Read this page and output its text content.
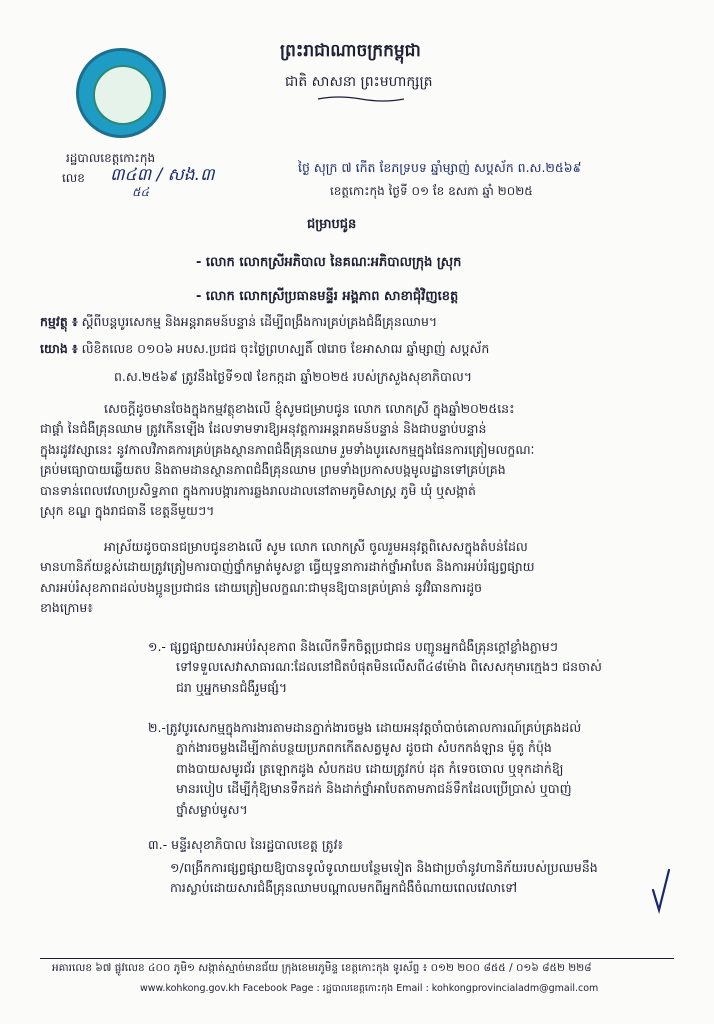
ព្រះរាជាណាចក្រកម្ពុជា
ជាតិ សាសនា ព្រះមហាក្សត្រ
រដ្ឋបាលខេត្តកោះកុង
លេខ ៣៤៣ / សង.៣
៥៤
ថ្ងៃ សុក្រ ៧ កើត ខែភទ្របទ ឆ្នាំម្សាញ់ សប្តស័ក ព.ស.២៥៦៩
ខេត្តកោះកុង ថ្ងៃទី ០១ ខែ ឧសភា ឆ្នាំ ២០២៥
ជម្រាបជូន
- លោក លោកស្រីអភិបាល នៃគណៈអភិបាលក្រុង ស្រុក
- លោក លោកស្រីប្រធានមន្ទីរ អង្គភាព សាខាជុំវិញខេត្ត
កម្មវត្ថុ ៖ ស្តីពីបន្តបូរសេកម្ម និងអន្តរាគមន៍បន្ទាន់ ដើម្បីពង្រឹងការគ្រប់គ្រងជំងឺគ្រុនឈាម។
យោង ៖ លិខិតលេខ ០១០៦ អបស.ប្រជជ ចុះថ្ងៃព្រហស្បតិ៍ ៧រោច ខែអាសាឍ ឆ្នាំម្សាញ់ សប្តស័ក
ព.ស.២៥៦៩ ត្រូវនឹងថ្ងៃទី១៧ ខែកក្កដា ឆ្នាំ២០២៥ របស់ក្រសួងសុខាភិបាល។
សេចក្តីដូចមានចែងក្នុងកម្មវត្ថុខាងលើ ខ្ញុំសូមជម្រាបជូន លោក លោកស្រី ក្នុងឆ្នាំ២០២៥នេះ
ជាផ្តាំ នៃជំងឺគ្រុនឈាម ត្រូវកើនឡើង ដែលទាមទារឱ្យអនុវត្តការអន្តរាគមន៍បន្ទាន់ និងជាបន្ទាប់បន្ទាន់
ក្នុងរដូវវស្សានេះ នូវកាលវិភាគការគ្រប់គ្រងស្ថានភាពជំងឺគ្រុនឈាម រួមទាំងបូរសេកម្មក្នុងផែនការត្រៀមលក្ខណៈ
គ្រប់មធ្យោបាយឆ្លើយតប និងតាមដានស្ថានភាពជំងឺគ្រុនឈាម ព្រមទាំងប្រកាសបង្កមូលដ្ឋានទៅគ្រប់គ្រង
បានទាន់ពេលវេលាប្រសិទ្ធភាព ក្នុងការបង្ការការឆ្លងរាលដាលនៅតាមភូមិសាស្ត្រ ភូមិ ឃុំ ឬសង្កាត់
ស្រុក ខណ្ឌ ក្នុងរាជធានី ខេត្តនីមួយៗ។
អាស្រ័យដូចបានជម្រាបជូនខាងលើ សូម លោក លោកស្រី ចូលរួមអនុវត្តពិសេសក្នុងតំបន់ដែល
មានហានិភ័យខ្ពស់ដោយត្រូវត្រៀមការបាញ់ថ្នាំកម្ចាត់មូសខ្លា ធ្វើយុទ្ធនាការដាក់ថ្នាំអាបែត និងការអប់រំផ្សព្វផ្សាយ
សារអប់រំសុខភាពដល់បងប្អូនប្រជាជន ដោយត្រៀមលក្ខណៈជាមុនឱ្យបានគ្រប់គ្រាន់ នូវវិធានការដូច
ខាងក្រោម៖
១.- ផ្សព្វផ្សាយសារអប់រំសុខភាព និងលើកទឹកចិត្តប្រជាជន បញ្ជូនអ្នកជំងឺគ្រុនក្តៅខ្លាំងភ្លាមៗ
ទៅទទួលសេវាសាធារណៈដែលនៅជិតបំផុតមិនលើសពី៤៨ម៉ោង ពិសេសកុមារក្មេងៗ ជនចាស់
ជរា ឬអ្នកមានជំងឺរួមផ្សំ។
២.-ត្រូវបូរសេកម្មក្នុងការងារតាមដានភ្នាក់ងារចម្លង ដោយអនុវត្តចាំបាច់គោលការណ៍គ្រប់គ្រងដល់
ភ្នាក់ងារចម្លងដើម្បីកាត់បន្ថយប្រភពកកើតសត្វមូស ដូចជា សំបកកង់ឡាន ម៉ូតូ កំប៉ុង
ពាងបាយសមូរជ័រ ត្រឡោកដូង សំបកដប ដោយត្រូវកប់ ដុត កំទេចចោល ឬទុកដាក់ឱ្យ
មានរបៀប ដើម្បីកុំឱ្យមានទឹកដក់ និងដាក់ថ្នាំអាបែតតាមភាជន៍ទឹកដែលប្រើប្រាស់ ឬបាញ់
ថ្នាំសម្លាប់មូស។
៣.- មន្ទីរសុខាភិបាល នៃរដ្ឋបាលខេត្ត ត្រូវ៖
១/ពង្រីកការផ្សព្វផ្សាយឱ្យបានទូលំទូលាយបន្ថែមទៀត និងជាប្រចាំនូវហានិភ័យរបស់ប្រឈមនឹង
ការស្លាប់ដោយសារជំងឺគ្រុនឈាមបណ្តាលមកពីអ្នកជំងឺចំណាយពេលវេលាទៅ
អគារលេខ ៦៧ ផ្លូវលេខ ៤០០ ភូមិ១ សង្កាត់ស្មាច់មានជ័យ ក្រុងខេមរភូមិន្ទ ខេត្តកោះកុង ទូរស័ព្ទ ៖ ០១២ ២០០ ៨៥៥ / ០១៦ ៨៥២ ២២៨
www.kohkong.gov.kh Facebook Page : រដ្ឋបាលខេត្តកោះកុង Email : kohkongprovincialadm@gmail.com
